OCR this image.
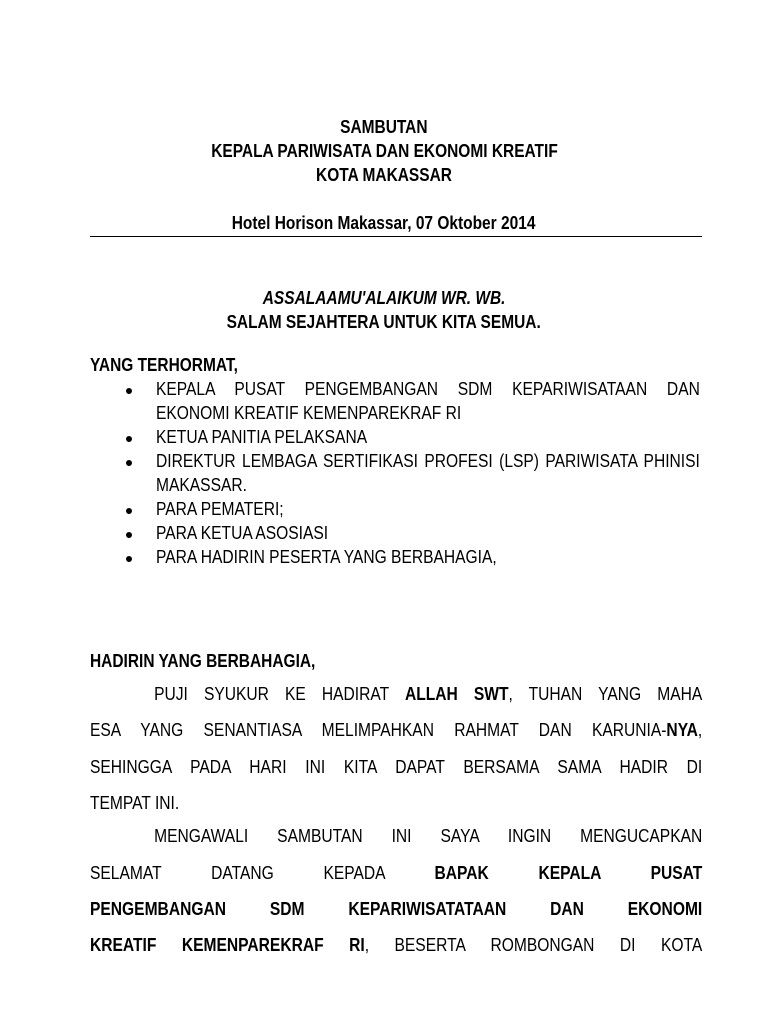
SAMBUTAN
KEPALA PARIWISATA DAN EKONOMI KREATIF
KOTA MAKASSAR
Hotel Horison Makassar, 07 Oktober 2014
ASSALAAMU'ALAIKUM WR. WB.
SALAM SEJAHTERA UNTUK KITA SEMUA.
YANG TERHORMAT,
KEPALA PUSAT PENGEMBANGAN SDM KEPARIWISATAAN DAN EKONOMI KREATIF KEMENPAREKRAF RI
KETUA PANITIA PELAKSANA
DIREKTUR LEMBAGA SERTIFIKASI PROFESI (LSP) PARIWISATA PHINISI MAKASSAR.
PARA PEMATERI;
PARA KETUA ASOSIASI
PARA HADIRIN PESERTA YANG BERBAHAGIA,
HADIRIN YANG BERBAHAGIA,
PUJI SYUKUR KE HADIRAT ALLAH SWT, TUHAN YANG MAHA
ESA YANG SENANTIASA MELIMPAHKAN RAHMAT DAN KARUNIA-NYA,
SEHINGGA PADA HARI INI KITA DAPAT BERSAMA SAMA HADIR DI
TEMPAT INI.
MENGAWALI SAMBUTAN INI SAYA INGIN MENGUCAPKAN
SELAMAT DATANG KEPADA BAPAK KEPALA PUSAT
PENGEMBANGAN SDM KEPARIWISATATAAN DAN EKONOMI
KREATIF KEMENPAREKRAF RI, BESERTA ROMBONGAN DI KOTA
